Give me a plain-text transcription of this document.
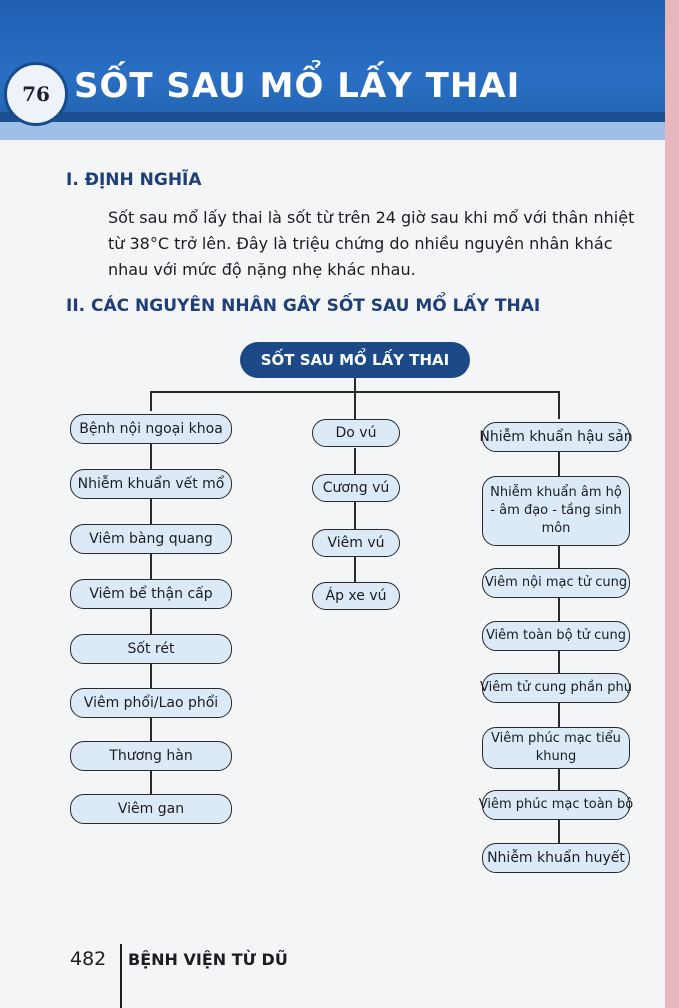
76 SỐT SAU MỔ LẤY THAI
I. ĐỊNH NGHĨA
Sốt sau mổ lấy thai là sốt từ trên 24 giờ sau khi mổ với thân nhiệt từ 38°C trở lên. Đây là triệu chứng do nhiều nguyên nhân khác nhau với mức độ nặng nhẹ khác nhau.
II. CÁC NGUYÊN NHÂN GÂY SỐT SAU MỔ LẤY THAI
SỐT SAU MỔ LẤY THAI
Bệnh nội ngoại khoa
Nhiễm khuẩn vết mổ
Viêm bàng quang
Viêm bể thận cấp
Sốt rét
Viêm phổi/Lao phổi
Thương hàn
Viêm gan
Do vú
Cương vú
Viêm vú
Áp xe vú
Nhiễm khuẩn hậu sản
Nhiễm khuẩn âm hộ - âm đạo - tầng sinh môn
Viêm nội mạc tử cung
Viêm toàn bộ tử cung
Viêm tử cung phần phụ
Viêm phúc mạc tiểu khung
Viêm phúc mạc toàn bộ
Nhiễm khuẩn huyết
482 BỆNH VIỆN TỪ DŨ
